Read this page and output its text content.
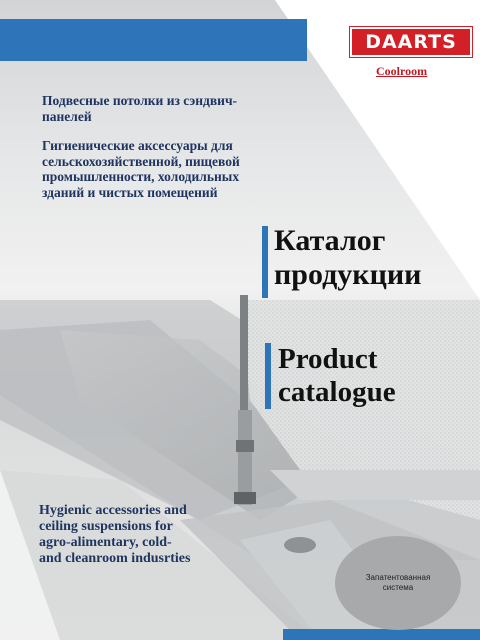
DAARTS
Coolroom

Подвесные потолки из сэндвич-панелей

Гигиенические аксессуары для сельскохозяйственной, пищевой промышленности, холодильных зданий и чистых помещений

Каталог
продукции
Product
catalogue
Hygienic accessories and
ceiling suspensions for
agro-alimentary, cold-
and cleanroom indusrties
Запатентованная
система
